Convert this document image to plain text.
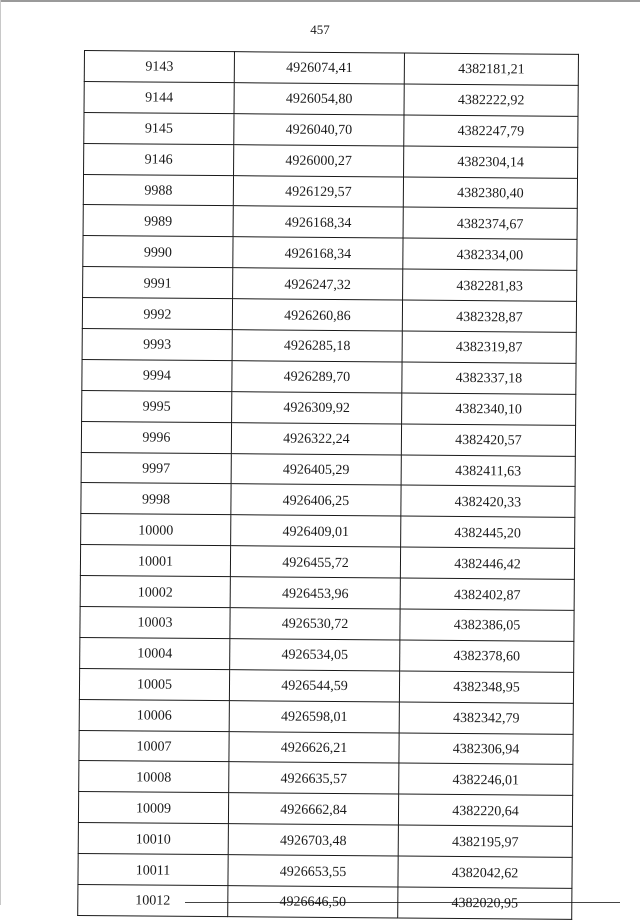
457
9143	4926074,41	4382181,21
9144	4926054,80	4382222,92
9145	4926040,70	4382247,79
9146	4926000,27	4382304,14
9988	4926129,57	4382380,40
9989	4926168,34	4382374,67
9990	4926168,34	4382334,00
9991	4926247,32	4382281,83
9992	4926260,86	4382328,87
9993	4926285,18	4382319,87
9994	4926289,70	4382337,18
9995	4926309,92	4382340,10
9996	4926322,24	4382420,57
9997	4926405,29	4382411,63
9998	4926406,25	4382420,33
10000	4926409,01	4382445,20
10001	4926455,72	4382446,42
10002	4926453,96	4382402,87
10003	4926530,72	4382386,05
10004	4926534,05	4382378,60
10005	4926544,59	4382348,95
10006	4926598,01	4382342,79
10007	4926626,21	4382306,94
10008	4926635,57	4382246,01
10009	4926662,84	4382220,64
10010	4926703,48	4382195,97
10011	4926653,55	4382042,62
10012	4926646,50	4382020,95
